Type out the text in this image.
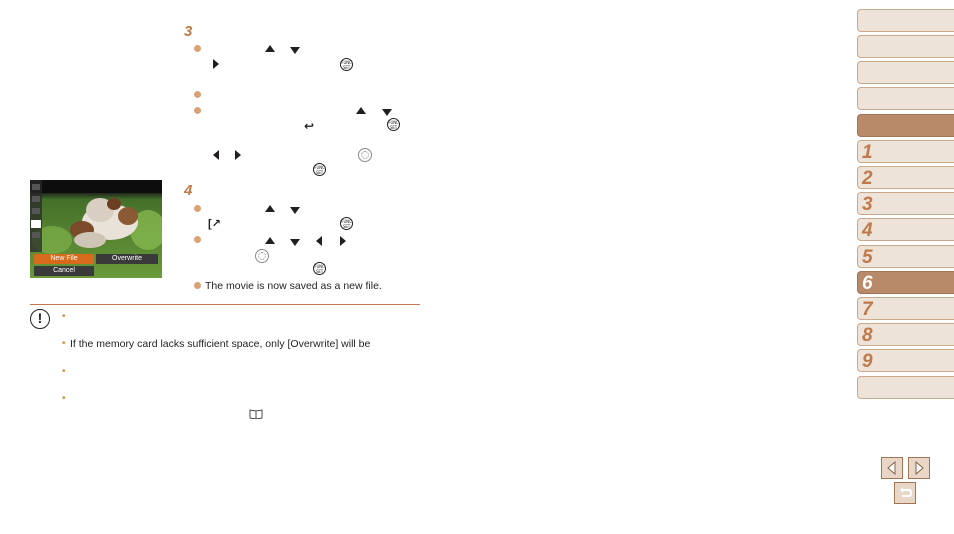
3
FUNC SET
↩	FUNC SET
FUNC SET
New File	Overwrite
Cancel
4
[↗	FUNC SET
FUNC SET
The movie is now saved as a new file.
!	•
• If the memory card lacks sufficient space, only [Overwrite] will be
•
•
1
2
3
4
5
6
7
8
9
